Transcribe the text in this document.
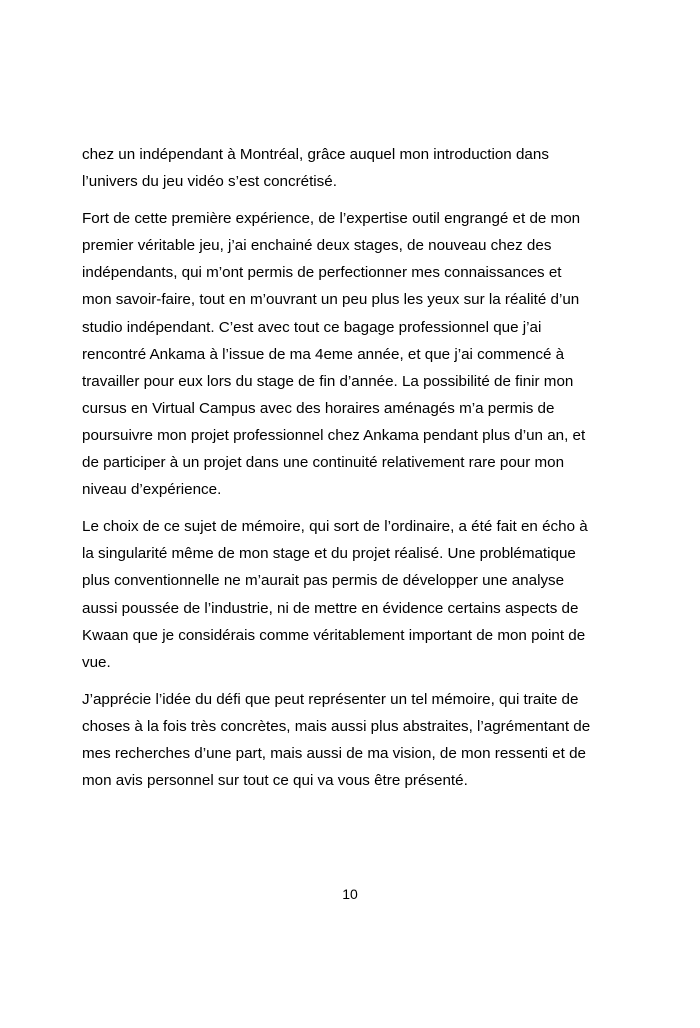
chez un indépendant à Montréal, grâce auquel mon introduction dans
l’univers du jeu vidéo s’est concrétisé.

Fort de cette première expérience, de l’expertise outil engrangé et de mon
premier véritable jeu, j’ai enchainé deux stages, de nouveau chez des
indépendants, qui m’ont permis de perfectionner mes connaissances et
mon savoir-faire, tout en m’ouvrant un peu plus les yeux sur la réalité d’un
studio indépendant. C’est avec tout ce bagage professionnel que j’ai
rencontré Ankama à l’issue de ma 4eme année, et que j’ai commencé à
travailler pour eux lors du stage de fin d’année. La possibilité de finir mon
cursus en Virtual Campus avec des horaires aménagés m’a permis de
poursuivre mon projet professionnel chez Ankama pendant plus d’un an, et
de participer à un projet dans une continuité relativement rare pour mon
niveau d’expérience.

Le choix de ce sujet de mémoire, qui sort de l’ordinaire, a été fait en écho à
la singularité même de mon stage et du projet réalisé. Une problématique
plus conventionnelle ne m’aurait pas permis de développer une analyse
aussi poussée de l’industrie, ni de mettre en évidence certains aspects de
Kwaan que je considérais comme véritablement important de mon point de
vue.

J’apprécie l’idée du défi que peut représenter un tel mémoire, qui traite de
choses à la fois très concrètes, mais aussi plus abstraites, l’agrémentant de
mes recherches d’une part, mais aussi de ma vision, de mon ressenti et de
mon avis personnel sur tout ce qui va vous être présenté.

10
